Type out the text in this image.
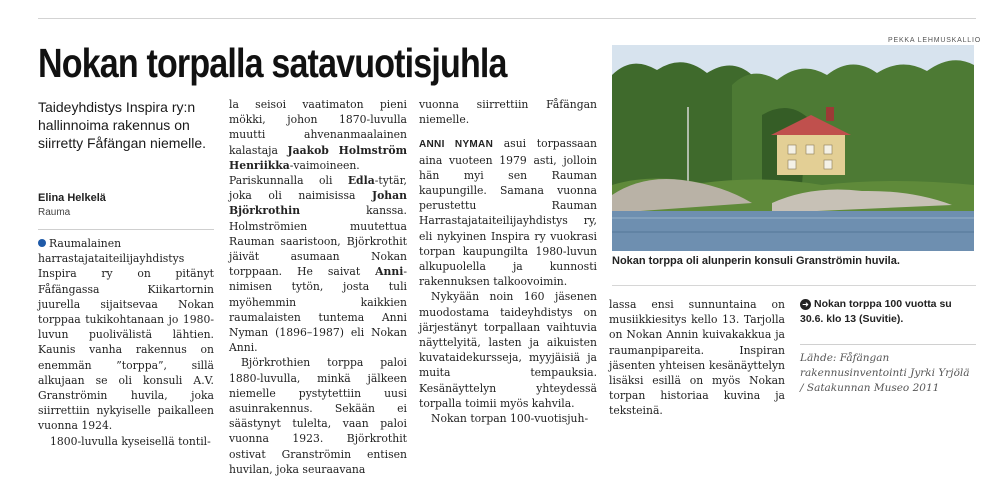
PEKKA LEHMUSKALLIO
Nokan torpalla satavuotisjuhla
Taideyhdistys Inspira ry:n hallinnoima rakennus on siirretty Fåfängan niemelle.
Elina Helkelä
Rauma

Raumalainen harrastajataiteilijayhdistys Inspira ry on pitänyt Fåfängassa Kiikartornin juurella sijaitsevaa Nokan torppaa tukikohtanaan jo 1980-luvun puolivälistä lähtien. Kaunis vanha rakennus on enemmän ”torppa”, sillä alkujaan se oli konsuli A.V. Granströmin huvila, joka siirrettiin nykyiselle paikalleen vuonna 1924.

1800-luvulla kyseisellä tontil-

la seisoi vaatimaton pieni mökki, johon 1870-luvulla muutti ahvenanmaalainen kalastaja Jaakob Holmström Henriikka-vaimoineen. Pariskunnalla oli Edla-tytär, joka oli naimisissa Johan Björkrothin kanssa. Holmströmien muutettua Rauman saaristoon, Björkrothit jäivät asumaan Nokan torppaan. He saivat Anni-nimisen tytön, josta tuli myöhemmin kaikkien raumalaisten tuntema Anni Nyman (1896–1987) eli Nokan Anni.

Björkrothien torppa paloi 1880-luvulla, minkä jälkeen niemelle pystytettiin uusi asuinrakennus. Sekään ei säästynyt tulelta, vaan paloi vuonna 1923. Björkrothit ostivat Granströmin entisen huvilan, joka seuraavana

vuonna siirrettiin Fåfängan niemelle.

ANNI NYMAN asui torpassaan aina vuoteen 1979 asti, jolloin hän myi sen Rauman kaupungille. Samana vuonna perustettu Rauman Harrastajataiteilijayhdistys ry, eli nykyinen Inspira ry vuokrasi torpan kaupungilta 1980-luvun alkupuolella ja kunnosti rakennuksen talkoovoimin.

Nykyään noin 160 jäsenen muodostama taideyhdistys on järjestänyt torpallaan vaihtuvia näyttelyitä, lasten ja aikuisten kuvataidekursseja, myyjäisiä ja muita tempauksia. Kesänäyttelyn yhteydessä torpalla toimii myös kahvila.

Nokan torpan 100-vuotisjuh-

Nokan torppa oli alunperin konsuli Granströmin huvila.

lassa ensi sunnuntaina on musiikkiesitys kello 13. Tarjolla on Nokan Annin kuivakakkua ja raumanpipareita. Inspiran jäsenten yhteisen kesänäyttelyn lisäksi esillä on myös Nokan torpan historiaa kuvina ja teksteinä.

➜ Nokan torppa 100 vuotta su 30.6. klo 13 (Suvitie).
Lähde: Fåfängan rakennusinventointi Jyrki Yrjölä / Satakunnan Museo 2011
